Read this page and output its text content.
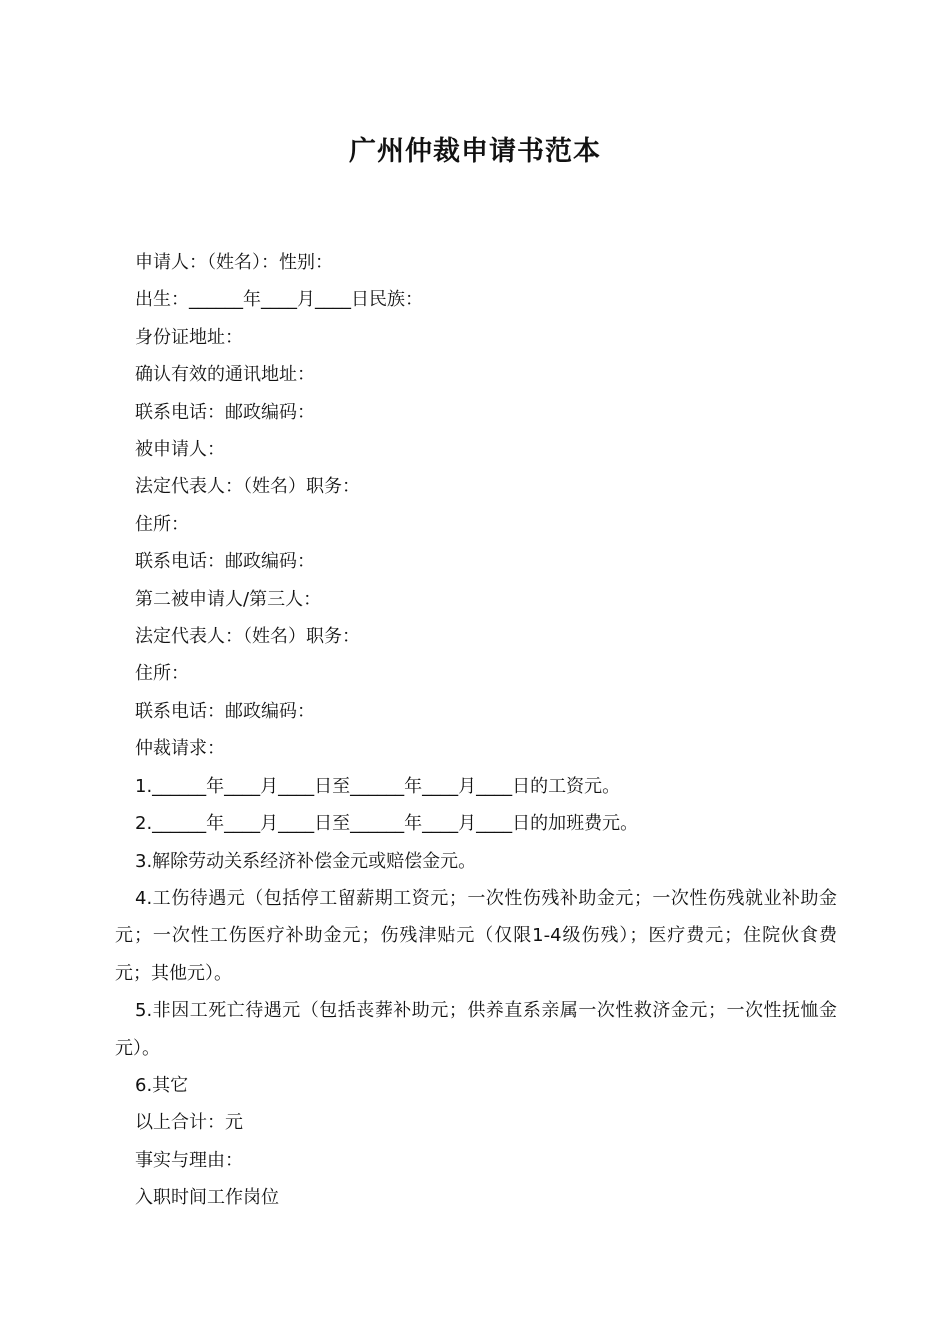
广州仲裁申请书范本

申请人：（姓名）：性别：

出生：______年____月____日民族：

身份证地址：

确认有效的通讯地址：

联系电话：邮政编码：

被申请人：

法定代表人：（姓名）职务：

住所：

联系电话：邮政编码：

第二被申请人/第三人：

法定代表人：（姓名）职务：

住所：

联系电话：邮政编码：

仲裁请求：

1.______年____月____日至______年____月____日的工资元。

2.______年____月____日至______年____月____日的加班费元。

3.解除劳动关系经济补偿金元或赔偿金元。

4.工伤待遇元（包括停工留薪期工资元；一次性伤残补助金元；一次性伤残就业补助金元；一次性工伤医疗补助金元；伤残津贴元（仅限1-4级伤残）；医疗费元；住院伙食费元；其他元）。

5.非因工死亡待遇元（包括丧葬补助元；供养直系亲属一次性救济金元；一次性抚恤金元）。

6.其它

以上合计：元

事实与理由：

入职时间工作岗位
